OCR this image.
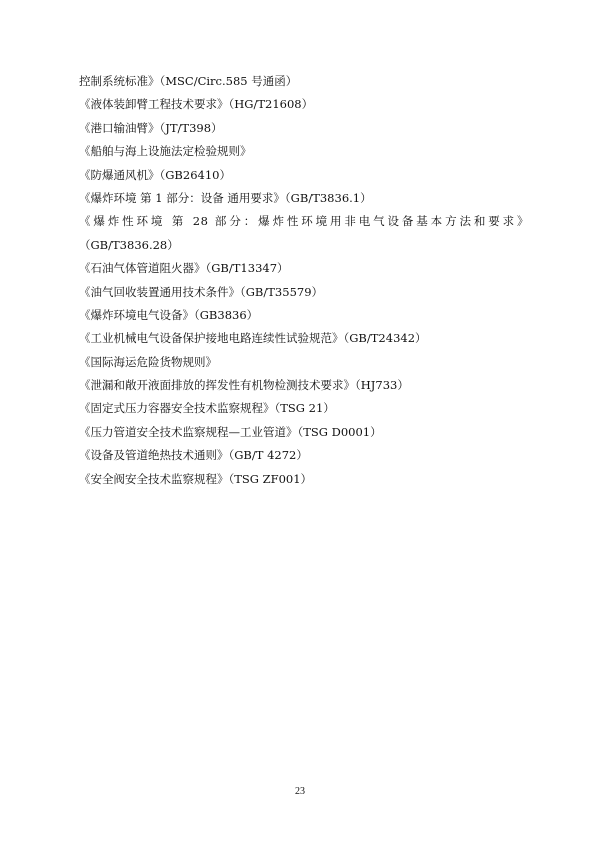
控制系统标准》（MSC/Circ.585 号通函）
《液体装卸臂工程技术要求》（HG/T21608）
《港口输油臂》（JT/T398）
《船舶与海上设施法定检验规则》
《防爆通风机》（GB26410）
《爆炸环境 第 1 部分：设备 通用要求》（GB/T3836.1）
《爆炸性环境 第 28 部分：爆炸性环境用非电气设备基本方法和要求》
（GB/T3836.28）
《石油气体管道阻火器》（GB/T13347）
《油气回收装置通用技术条件》（GB/T35579）
《爆炸环境电气设备》（GB3836）
《工业机械电气设备保护接地电路连续性试验规范》（GB/T24342）
《国际海运危险货物规则》
《泄漏和敞开液面排放的挥发性有机物检测技术要求》（HJ733）
《固定式压力容器安全技术监察规程》（TSG 21）
《压力管道安全技术监察规程—工业管道》（TSG D0001）
《设备及管道绝热技术通则》（GB/T 4272）
《安全阀安全技术监察规程》（TSG ZF001）
23
